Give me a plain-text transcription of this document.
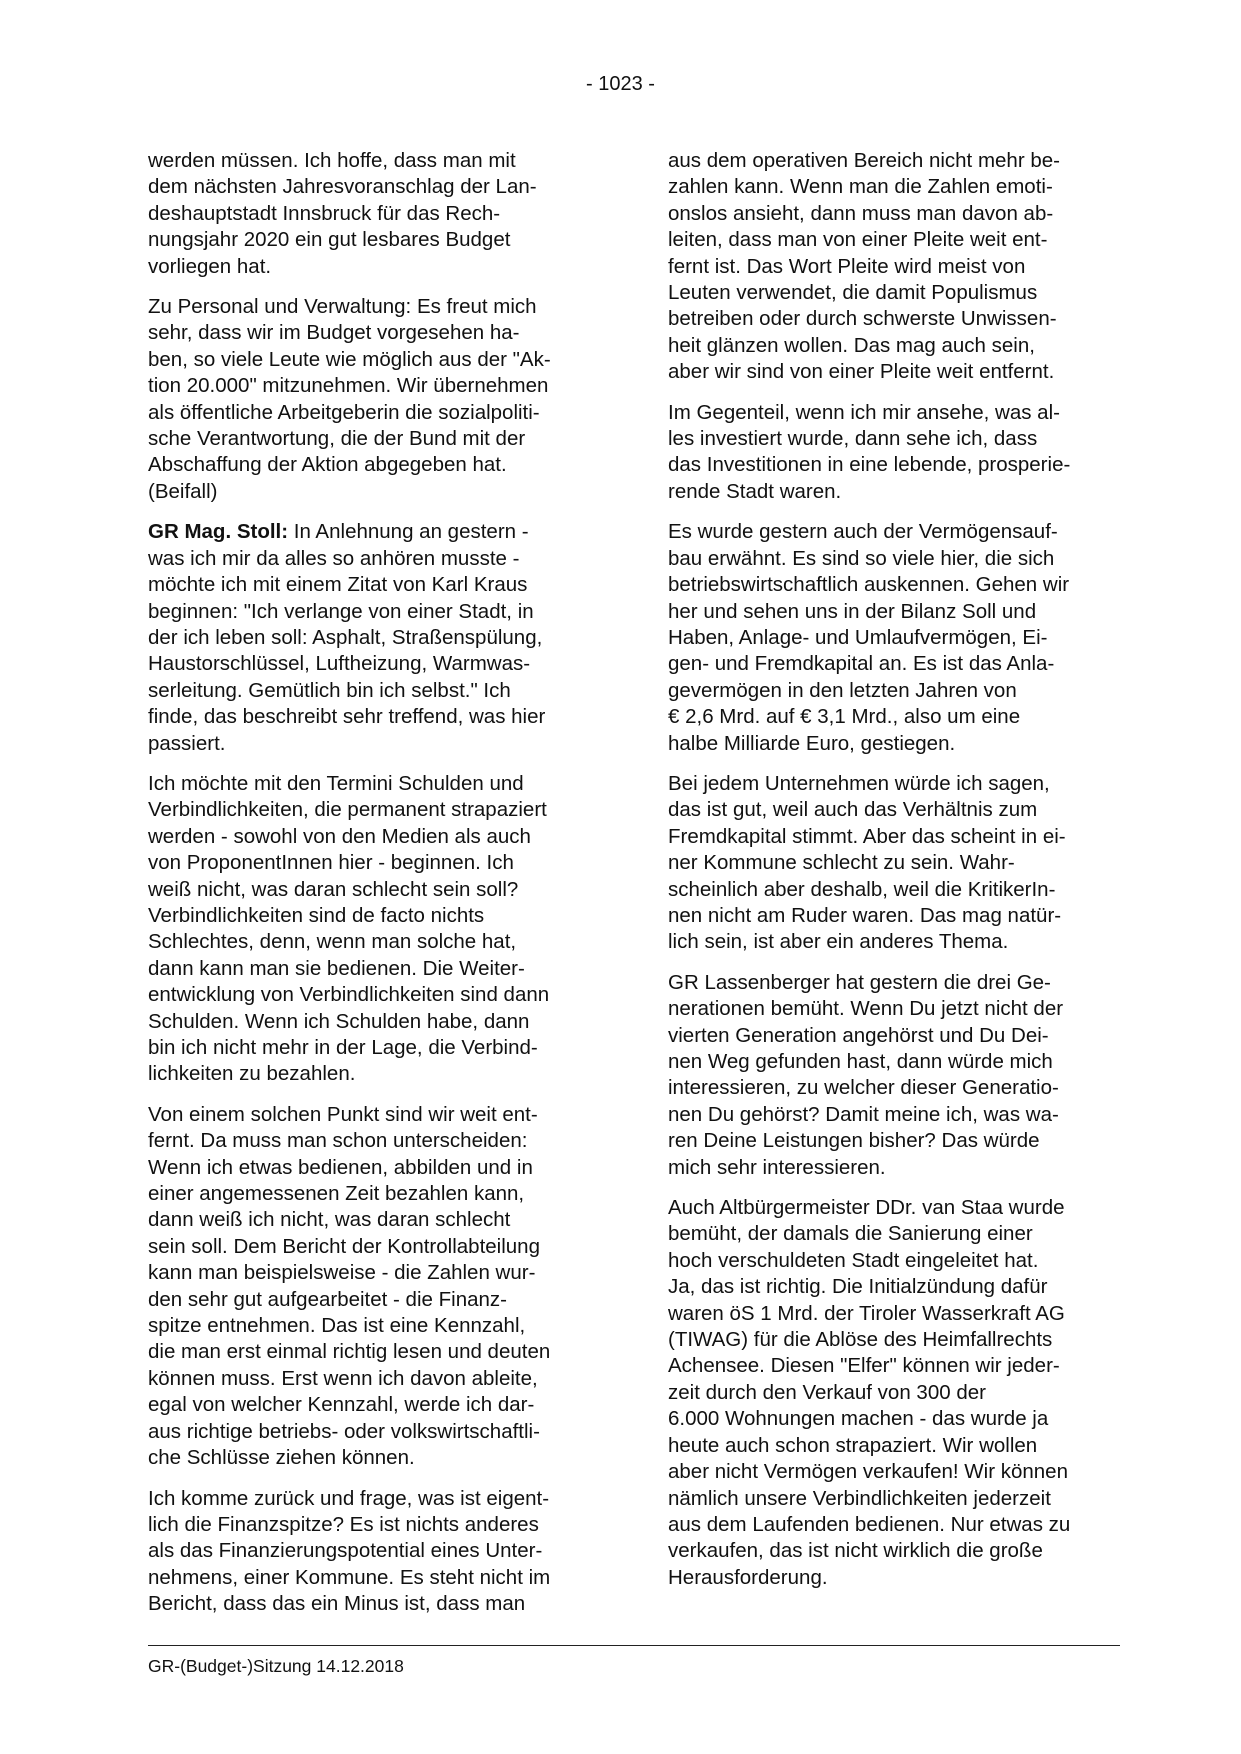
- 1023 -

werden müssen. Ich hoffe, dass man mit
dem nächsten Jahresvoranschlag der Lan-
deshauptstadt Innsbruck für das Rech-
nungsjahr 2020 ein gut lesbares Budget
vorliegen hat.

Zu Personal und Verwaltung: Es freut mich
sehr, dass wir im Budget vorgesehen ha-
ben, so viele Leute wie möglich aus der "Ak-
tion 20.000" mitzunehmen. Wir übernehmen
als öffentliche Arbeitgeberin die sozialpoliti-
sche Verantwortung, die der Bund mit der
Abschaffung der Aktion abgegeben hat.
(Beifall)

GR Mag. Stoll: In Anlehnung an gestern -
was ich mir da alles so anhören musste -
möchte ich mit einem Zitat von Karl Kraus
beginnen: "Ich verlange von einer Stadt, in
der ich leben soll: Asphalt, Straßenspülung,
Haustorschlüssel, Luftheizung, Warmwas-
serleitung. Gemütlich bin ich selbst." Ich
finde, das beschreibt sehr treffend, was hier
passiert.

Ich möchte mit den Termini Schulden und
Verbindlichkeiten, die permanent strapaziert
werden - sowohl von den Medien als auch
von ProponentInnen hier - beginnen. Ich
weiß nicht, was daran schlecht sein soll?
Verbindlichkeiten sind de facto nichts
Schlechtes, denn, wenn man solche hat,
dann kann man sie bedienen. Die Weiter-
entwicklung von Verbindlichkeiten sind dann
Schulden. Wenn ich Schulden habe, dann
bin ich nicht mehr in der Lage, die Verbind-
lichkeiten zu bezahlen.

Von einem solchen Punkt sind wir weit ent-
fernt. Da muss man schon unterscheiden:
Wenn ich etwas bedienen, abbilden und in
einer angemessenen Zeit bezahlen kann,
dann weiß ich nicht, was daran schlecht
sein soll. Dem Bericht der Kontrollabteilung
kann man beispielsweise - die Zahlen wur-
den sehr gut aufgearbeitet - die Finanz-
spitze entnehmen. Das ist eine Kennzahl,
die man erst einmal richtig lesen und deuten
können muss. Erst wenn ich davon ableite,
egal von welcher Kennzahl, werde ich dar-
aus richtige betriebs- oder volkswirtschaftli-
che Schlüsse ziehen können.

Ich komme zurück und frage, was ist eigent-
lich die Finanzspitze? Es ist nichts anderes
als das Finanzierungspotential eines Unter-
nehmens, einer Kommune. Es steht nicht im
Bericht, dass das ein Minus ist, dass man

aus dem operativen Bereich nicht mehr be-
zahlen kann. Wenn man die Zahlen emoti-
onslos ansieht, dann muss man davon ab-
leiten, dass man von einer Pleite weit ent-
fernt ist. Das Wort Pleite wird meist von
Leuten verwendet, die damit Populismus
betreiben oder durch schwerste Unwissen-
heit glänzen wollen. Das mag auch sein,
aber wir sind von einer Pleite weit entfernt.

Im Gegenteil, wenn ich mir ansehe, was al-
les investiert wurde, dann sehe ich, dass
das Investitionen in eine lebende, prosperie-
rende Stadt waren.

Es wurde gestern auch der Vermögensauf-
bau erwähnt. Es sind so viele hier, die sich
betriebswirtschaftlich auskennen. Gehen wir
her und sehen uns in der Bilanz Soll und
Haben, Anlage- und Umlaufvermögen, Ei-
gen- und Fremdkapital an. Es ist das Anla-
gevermögen in den letzten Jahren von
€ 2,6 Mrd. auf € 3,1 Mrd., also um eine
halbe Milliarde Euro, gestiegen.

Bei jedem Unternehmen würde ich sagen,
das ist gut, weil auch das Verhältnis zum
Fremdkapital stimmt. Aber das scheint in ei-
ner Kommune schlecht zu sein. Wahr-
scheinlich aber deshalb, weil die KritikerIn-
nen nicht am Ruder waren. Das mag natür-
lich sein, ist aber ein anderes Thema.

GR Lassenberger hat gestern die drei Ge-
nerationen bemüht. Wenn Du jetzt nicht der
vierten Generation angehörst und Du Dei-
nen Weg gefunden hast, dann würde mich
interessieren, zu welcher dieser Generatio-
nen Du gehörst? Damit meine ich, was wa-
ren Deine Leistungen bisher? Das würde
mich sehr interessieren.

Auch Altbürgermeister DDr. van Staa wurde
bemüht, der damals die Sanierung einer
hoch verschuldeten Stadt eingeleitet hat.
Ja, das ist richtig. Die Initialzündung dafür
waren öS 1 Mrd. der Tiroler Wasserkraft AG
(TIWAG) für die Ablöse des Heimfallrechts
Achensee. Diesen "Elfer" können wir jeder-
zeit durch den Verkauf von 300 der
6.000 Wohnungen machen - das wurde ja
heute auch schon strapaziert. Wir wollen
aber nicht Vermögen verkaufen! Wir können
nämlich unsere Verbindlichkeiten jederzeit
aus dem Laufenden bedienen. Nur etwas zu
verkaufen, das ist nicht wirklich die große
Herausforderung.

GR-(Budget-)Sitzung 14.12.2018
